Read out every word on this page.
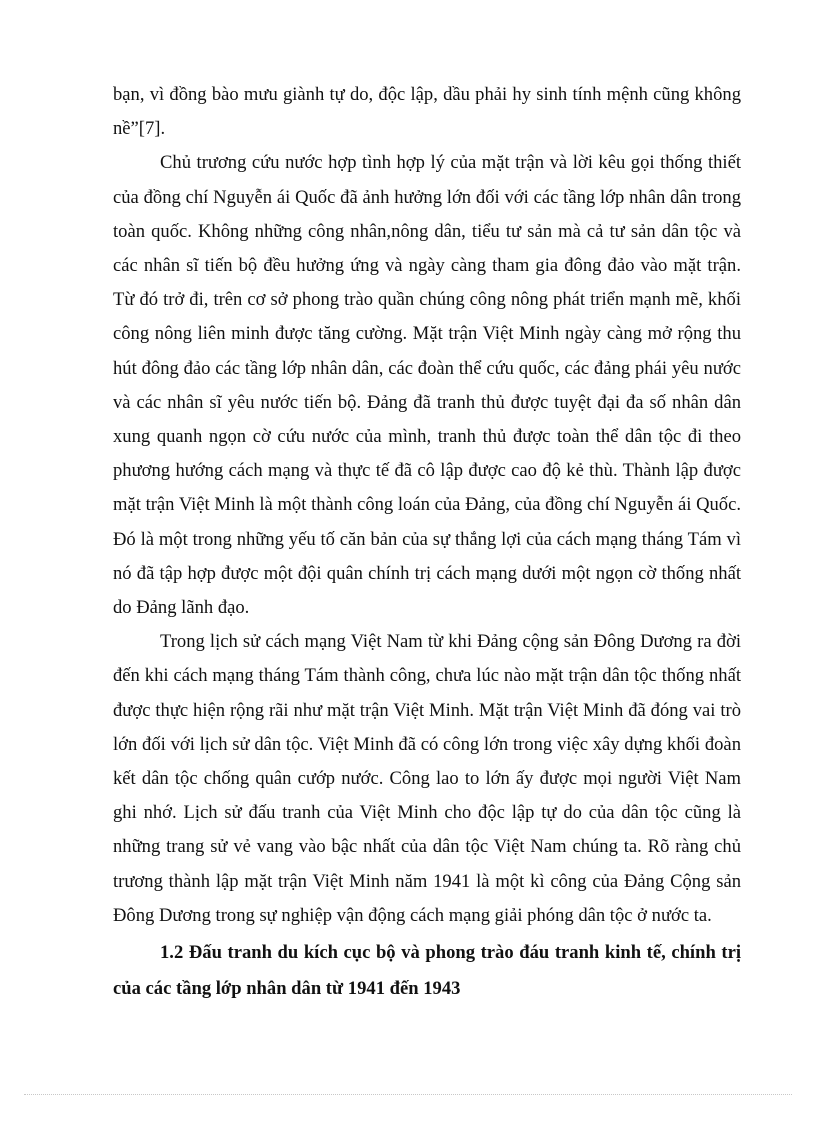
bạn, vì đồng bào mưu giành tự do, độc lập, dầu phải hy sinh tính mệnh cũng không nề”[7].

Chủ trương cứu nước hợp tình hợp lý của mặt trận và lời kêu gọi thống thiết của đồng chí Nguyễn ái Quốc đã ảnh hưởng lớn đối với các tầng lớp nhân dân trong toàn quốc. Không những công nhân,nông dân, tiểu tư sản mà cả tư sản dân tộc và các nhân sĩ tiến bộ đều hưởng ứng và ngày càng tham gia đông đảo vào mặt trận. Từ đó trở đi, trên cơ sở phong trào quần chúng công nông phát triển mạnh mẽ, khối công nông liên minh được tăng cường. Mặt trận Việt Minh ngày càng mở rộng thu hút đông đảo các tầng lớp nhân dân, các đoàn thể cứu quốc, các đảng phái yêu nước và các nhân sĩ yêu nước tiến bộ. Đảng đã tranh thủ được tuyệt đại đa số nhân dân xung quanh ngọn cờ cứu nước của mình, tranh thủ được toàn thể dân tộc đi theo phương hướng cách mạng và thực tế đã cô lập được cao độ kẻ thù. Thành lập được mặt trận Việt Minh là một thành công loán của Đảng, của đồng chí Nguyễn ái Quốc. Đó là một trong những yếu tố căn bản của sự thắng lợi của cách mạng tháng Tám vì nó đã tập hợp được một đội quân chính trị cách mạng dưới một ngọn cờ thống nhất do Đảng lãnh đạo.

Trong lịch sử cách mạng Việt Nam từ khi Đảng cộng sản Đông Dương ra đời đến khi cách mạng tháng Tám thành công, chưa lúc nào mặt trận dân tộc thống nhất được thực hiện rộng rãi như mặt trận Việt Minh. Mặt trận Việt Minh đã đóng vai trò lớn đối với lịch sử dân tộc. Việt Minh đã có công lớn trong việc xây dựng khối đoàn kết dân tộc chống quân cướp nước. Công lao to lớn ấy được mọi người Việt Nam ghi nhớ. Lịch sử đấu tranh của Việt Minh cho độc lập tự do của dân tộc cũng là những trang sử vẻ vang vào bậc nhất của dân tộc Việt Nam chúng ta. Rõ ràng chủ trương thành lập mặt trận Việt Minh năm 1941 là một kì công của Đảng Cộng sản Đông Dương trong sự nghiệp vận động cách mạng giải phóng dân tộc ở nước ta.

1.2 Đấu tranh du kích cục bộ và phong trào đáu tranh kinh tế, chính trị của các tầng lớp nhân dân từ 1941 đến 1943
